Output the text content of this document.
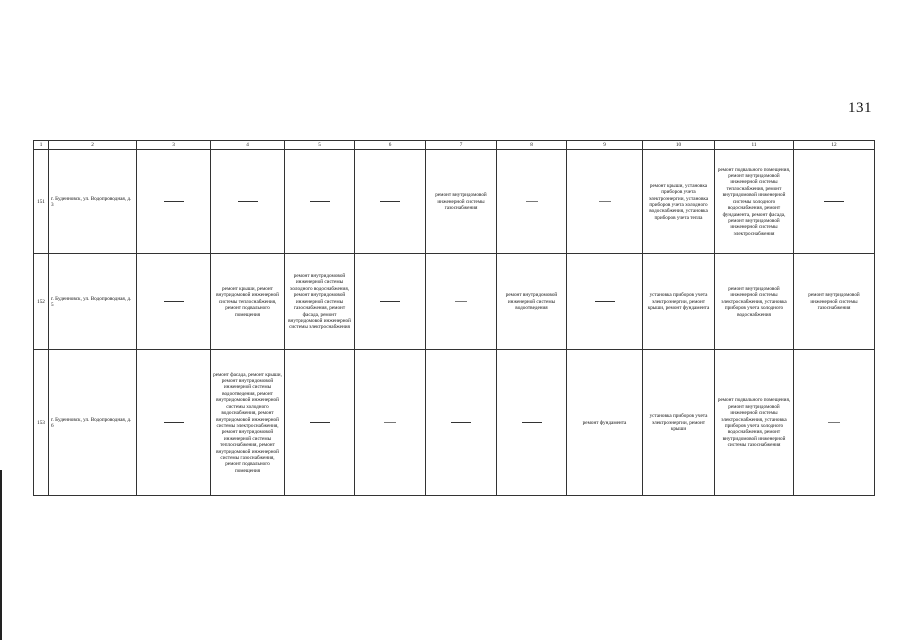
131
1	2	3	4	5	6	7	8	9	10	11	12
151	г. Буденновск, ул. Водопроводная, д. 3					ремонт внутридомовой инженерной системы газоснабжения			ремонт крыши, установка приборов учета электроэнергии, установка приборов учета холодного водоснабжения, установка приборов учета тепла	ремонт подвального помещения, ремонт внутридомовой инженерной системы теплоснабжения, ремонт внутридомовой инженерной системы холодного водоснабжения, ремонт фундамента, ремонт фасада, ремонт внутридомовой инженерной системы электроснабжения	
152	г. Буденновск, ул. Водопроводная, д. 5		ремонт крыши, ремонт внутридомовой инженерной системы теплоснабжения, ремонт подвального помещения	ремонт внутридомовой инженерной системы холодного водоснабжения, ремонт внутридомовой инженерной системы газоснабжения, ремонт фасада, ремонт внутридомовой инженерной системы электроснабжения			ремонт внутридомовой инженерной системы водоотведения		установка приборов учета электроэнергии, ремонт крыши, ремонт фундамента	ремонт внутридомовой инженерной системы электроснабжения, установка приборов учета холодного водоснабжения	ремонт внутридомовой инженерной системы газоснабжения
153	г. Буденновск, ул. Водопроводная, д. 6		ремонт фасада, ремонт крыши, ремонт внутридомовой инженерной системы водоотведения, ремонт внутридомовой инженерной системы холодного водоснабжения, ремонт внутридомовой инженерной системы электроснабжения, ремонт внутридомовой инженерной системы теплоснабжения, ремонт внутридомовой инженерной системы газоснабжения, ремонт подвального помещения					ремонт фундамента	установка приборов учета электроэнергии, ремонт крыши	ремонт подвального помещения, ремонт внутридомовой инженерной системы электроснабжения, установка приборов учета холодного водоснабжения, ремонт внутридомовой инженерной системы газоснабжения	
